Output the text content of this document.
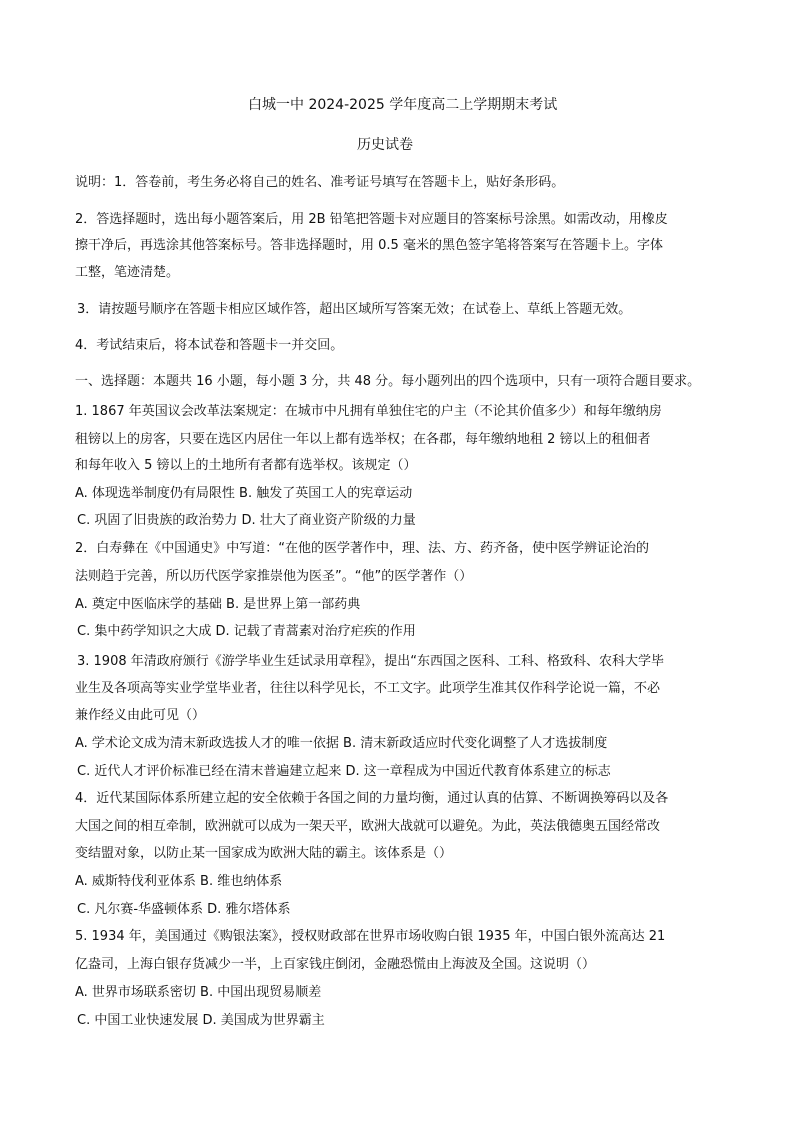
白城一中 2024-2025 学年度高二上学期期末考试
历史试卷
说明：1．答卷前，考生务必将自己的姓名、准考证号填写在答题卡上，贴好条形码。
2．答选择题时，选出每小题答案后，用 2B 铅笔把答题卡对应题目的答案标号涂黑。如需改动，用橡皮
擦干净后，再选涂其他答案标号。答非选择题时，用 0.5 毫米的黑色签字笔将答案写在答题卡上。字体
工整，笔迹清楚。
3．请按题号顺序在答题卡相应区域作答，超出区域所写答案无效；在试卷上、草纸上答题无效。
4．考试结束后，将本试卷和答题卡一并交回。
一、选择题：本题共 16 小题，每小题 3 分，共 48 分。每小题列出的四个选项中，只有一项符合题目要求。
1. 1867 年英国议会改革法案规定：在城市中凡拥有单独住宅的户主（不论其价值多少）和每年缴纳房
租镑以上的房客，只要在选区内居住一年以上都有选举权；在各郡，每年缴纳地租 2 镑以上的租佃者
和每年收入 5 镑以上的土地所有者都有选举权。该规定（）
A. 体现选举制度仍有局限性 B. 触发了英国工人的宪章运动
C. 巩固了旧贵族的政治势力 D. 壮大了商业资产阶级的力量
2．白寿彝在《中国通史》中写道：“在他的医学著作中，理、法、方、药齐备，使中医学辨证论治的
法则趋于完善，所以历代医学家推崇他为医圣”。“他”的医学著作（）
A. 奠定中医临床学的基础 B. 是世界上第一部药典
C. 集中药学知识之大成 D. 记载了青蒿素对治疗疟疾的作用
3. 1908 年清政府颁行《游学毕业生廷试录用章程》，提出“东西国之医科、工科、格致科、农科大学毕
业生及各项高等实业学堂毕业者，往往以科学见长，不工文字。此项学生准其仅作科学论说一篇，不必
兼作经义由此可见（）
A. 学术论文成为清末新政选拔人才的唯一依据 B. 清末新政适应时代变化调整了人才选拔制度
C. 近代人才评价标准已经在清末普遍建立起来 D. 这一章程成为中国近代教育体系建立的标志
4．近代某国际体系所建立起的安全依赖于各国之间的力量均衡，通过认真的估算、不断调换筹码以及各
大国之间的相互牵制，欧洲就可以成为一架天平，欧洲大战就可以避免。为此，英法俄德奥五国经常改
变结盟对象，以防止某一国家成为欧洲大陆的霸主。该体系是（）
A. 威斯特伐利亚体系 B. 维也纳体系
C. 凡尔赛-华盛顿体系 D. 雅尔塔体系
5. 1934 年，美国通过《购银法案》，授权财政部在世界市场收购白银 1935 年，中国白银外流高达 21
亿盎司，上海白银存货减少一半，上百家钱庄倒闭，金融恐慌由上海波及全国。这说明（）
A. 世界市场联系密切 B. 中国出现贸易顺差
C. 中国工业快速发展 D. 美国成为世界霸主
